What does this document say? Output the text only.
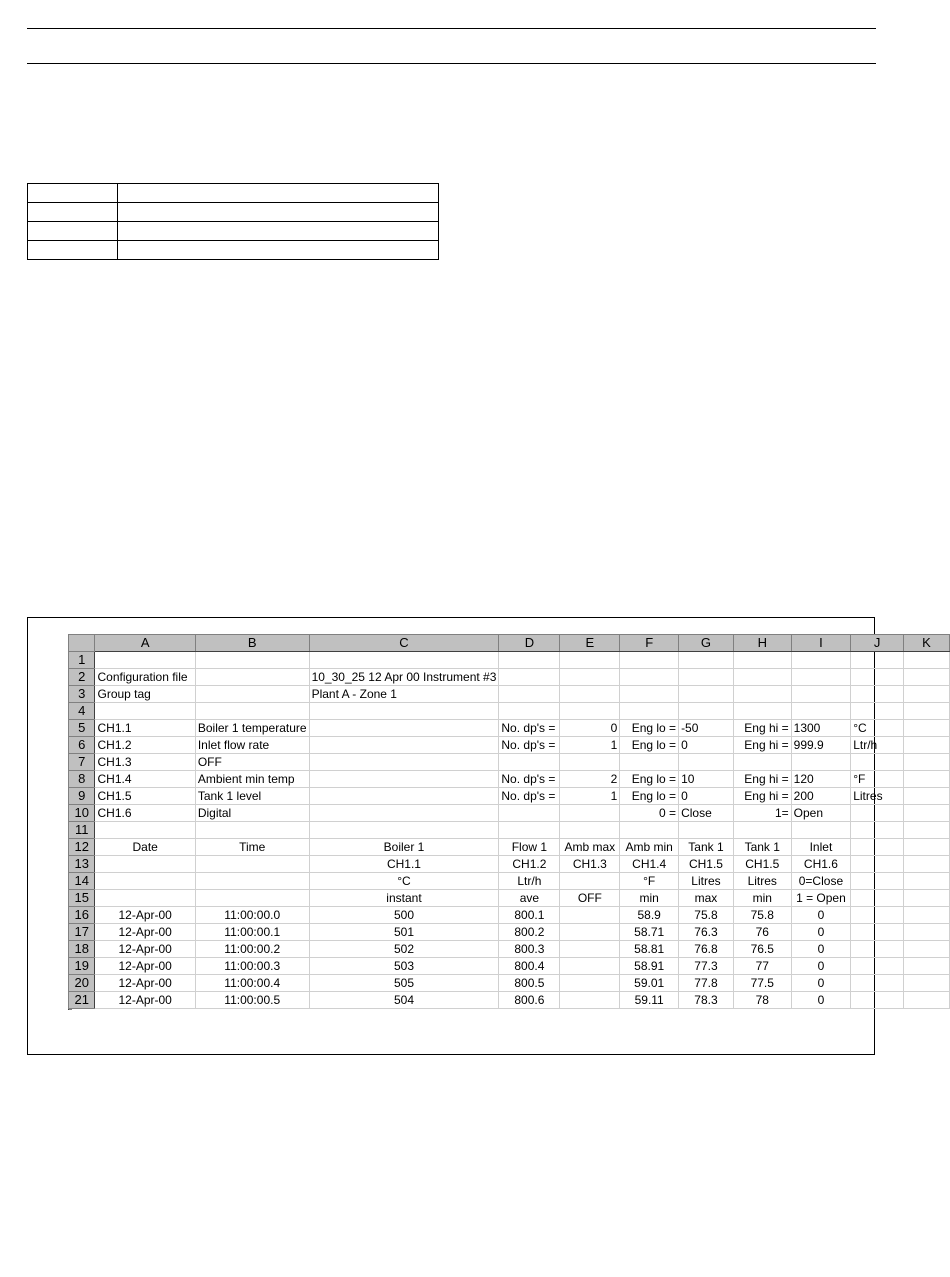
	A	B	C	D	E	F	G	H	I	J	K
1											
2	Configuration file		10_30_25 12 Apr 00 Instrument #3								
3	Group tag		Plant A - Zone 1								
4											
5	CH1.1	Boiler 1 temperature		No. dp's =	0	Eng lo =	-50	Eng hi =	1300	°C	
6	CH1.2	Inlet flow rate		No. dp's =	1	Eng lo =	0	Eng hi =	999.9	Ltr/h	
7	CH1.3	OFF									
8	CH1.4	Ambient min temp		No. dp's =	2	Eng lo =	10	Eng hi =	120	°F	
9	CH1.5	Tank 1 level		No. dp's =	1	Eng lo =	0	Eng hi =	200	Litres	
10	CH1.6	Digital				0 =	Close	1=	Open		
11											
12	Date	Time	Boiler 1	Flow 1	Amb max	Amb min	Tank 1	Tank 1	Inlet		
13			CH1.1	CH1.2	CH1.3	CH1.4	CH1.5	CH1.5	CH1.6		
14			°C	Ltr/h		°F	Litres	Litres	0=Close		
15			instant	ave	OFF	min	max	min	1 = Open		
16	12-Apr-00	11:00:00.0	500	800.1		58.9	75.8	75.8	0		
17	12-Apr-00	11:00:00.1	501	800.2		58.71	76.3	76	0		
18	12-Apr-00	11:00:00.2	502	800.3		58.81	76.8	76.5	0		
19	12-Apr-00	11:00:00.3	503	800.4		58.91	77.3	77	0		
20	12-Apr-00	11:00:00.4	505	800.5		59.01	77.8	77.5	0		
21	12-Apr-00	11:00:00.5	504	800.6		59.11	78.3	78	0		
